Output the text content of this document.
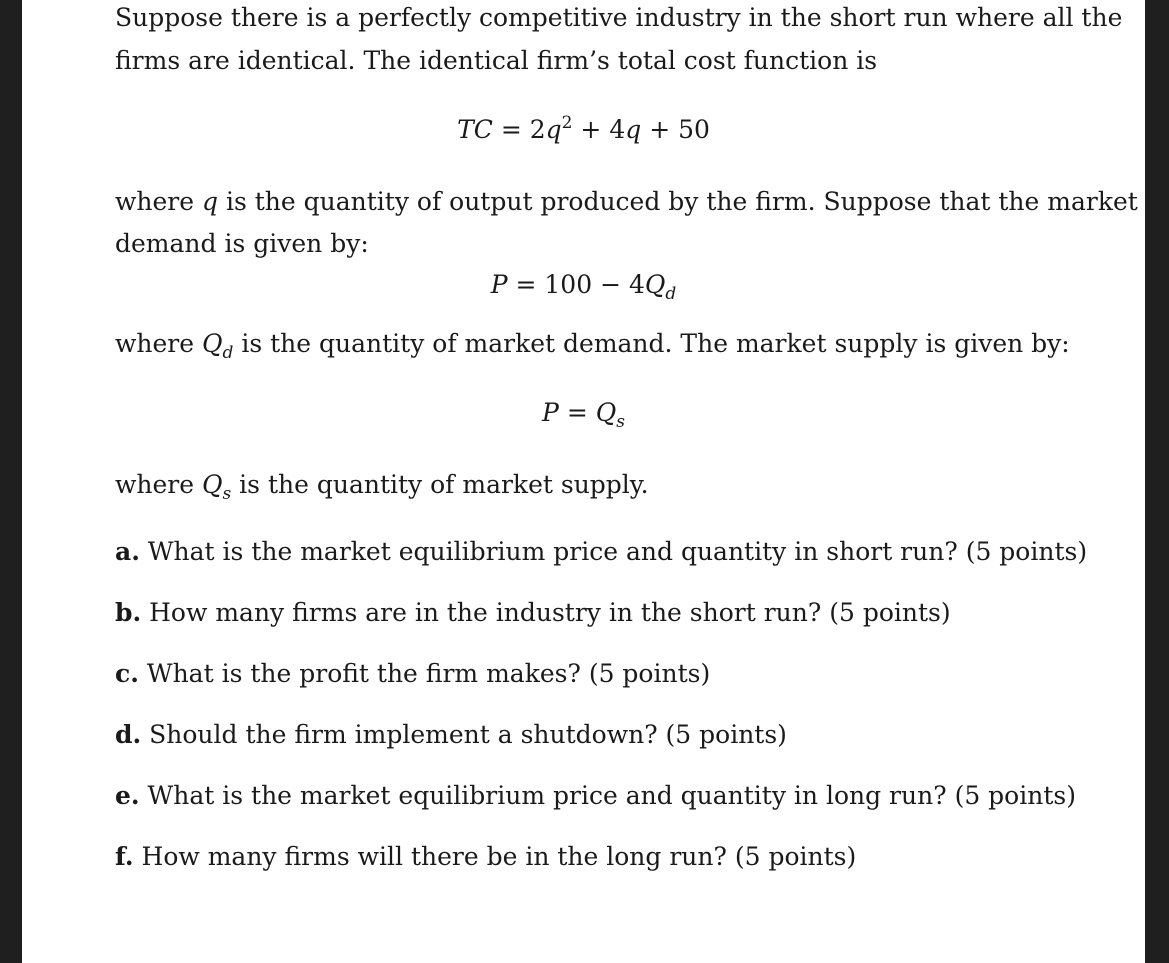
Suppose there is a perfectly competitive industry in the short run where all the
firms are identical. The identical firm’s total cost function is
TC = $2q^2 + 4q + 50$
where q is the quantity of output produced by the firm. Suppose that the market
demand is given by:
$P = 100 - 4Q_d$
where $Q_d$ is the quantity of market demand. The market supply is given by:
$P = Q_s$
where $Q_s$ is the quantity of market supply.
a. What is the market equilibrium price and quantity in short run? (5 points)
b. How many firms are in the industry in the short run? (5 points)
c. What is the profit the firm makes? (5 points)
d. Should the firm implement a shutdown? (5 points)
e. What is the market equilibrium price and quantity in long run? (5 points)
f. How many firms will there be in the long run? (5 points)
